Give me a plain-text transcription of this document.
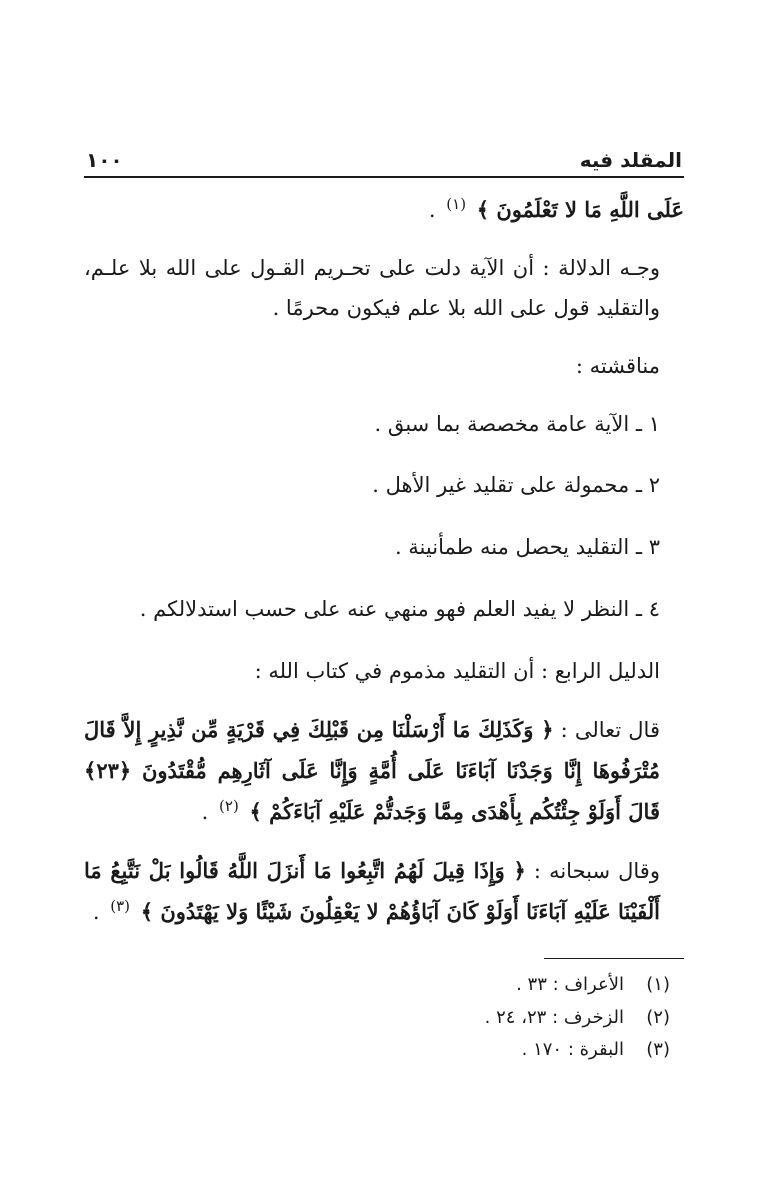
المقلد فيه
١٠٠

عَلَى اللَّهِ مَا لا تَعْلَمُونَ ﴾ $^{(١)}$ .

وجـه الدلالة : أن الآية دلت على تحـريم القـول على الله بلا علـم، والتقليد قول على الله بلا علم فيكون محرمًا .

مناقشته :

١ ـ الآية عامة مخصصة بما سبق .

٢ ـ محمولة على تقليد غير الأهل .

٣ ـ التقليد يحصل منه طمأنينة .

٤ ـ النظر لا يفيد العلم فهو منهي عنه على حسب استدلالكم .

الدليل الرابع : أن التقليد مذموم في كتاب الله :

قال تعالى : ﴿ وَكَذَلِكَ مَا أَرْسَلْنَا مِن قَبْلِكَ فِي قَرْيَةٍ مِّن نَّذِيرٍ إِلاَّ قَالَ مُتْرَفُوهَا إِنَّا وَجَدْنَا آبَاءَنَا عَلَى أُمَّةٍ وَإِنَّا عَلَى آثَارِهِم مُّقْتَدُونَ ﴿٢٣﴾ قَالَ أَوَلَوْ جِئْتُكُم بِأَهْدَى مِمَّا وَجَدتُّمْ عَلَيْهِ آبَاءَكُمْ ﴾ $^{(٢)}$ .

وقال سبحانه : ﴿ وَإِذَا قِيلَ لَهُمُ اتَّبِعُوا مَا أَنزَلَ اللَّهُ قَالُوا بَلْ نَتَّبِعُ مَا أَلْفَيْنَا عَلَيْهِ آبَاءَنَا أَوَلَوْ كَانَ آبَاؤُهُمْ لا يَعْقِلُونَ شَيْئًا وَلا يَهْتَدُونَ ﴾ $^{(٣)}$ .

(١)
الأعراف : ٣٣ .
(٢)
الزخرف : ٢٣، ٢٤ .
(٣)
البقرة : ١٧٠ .
